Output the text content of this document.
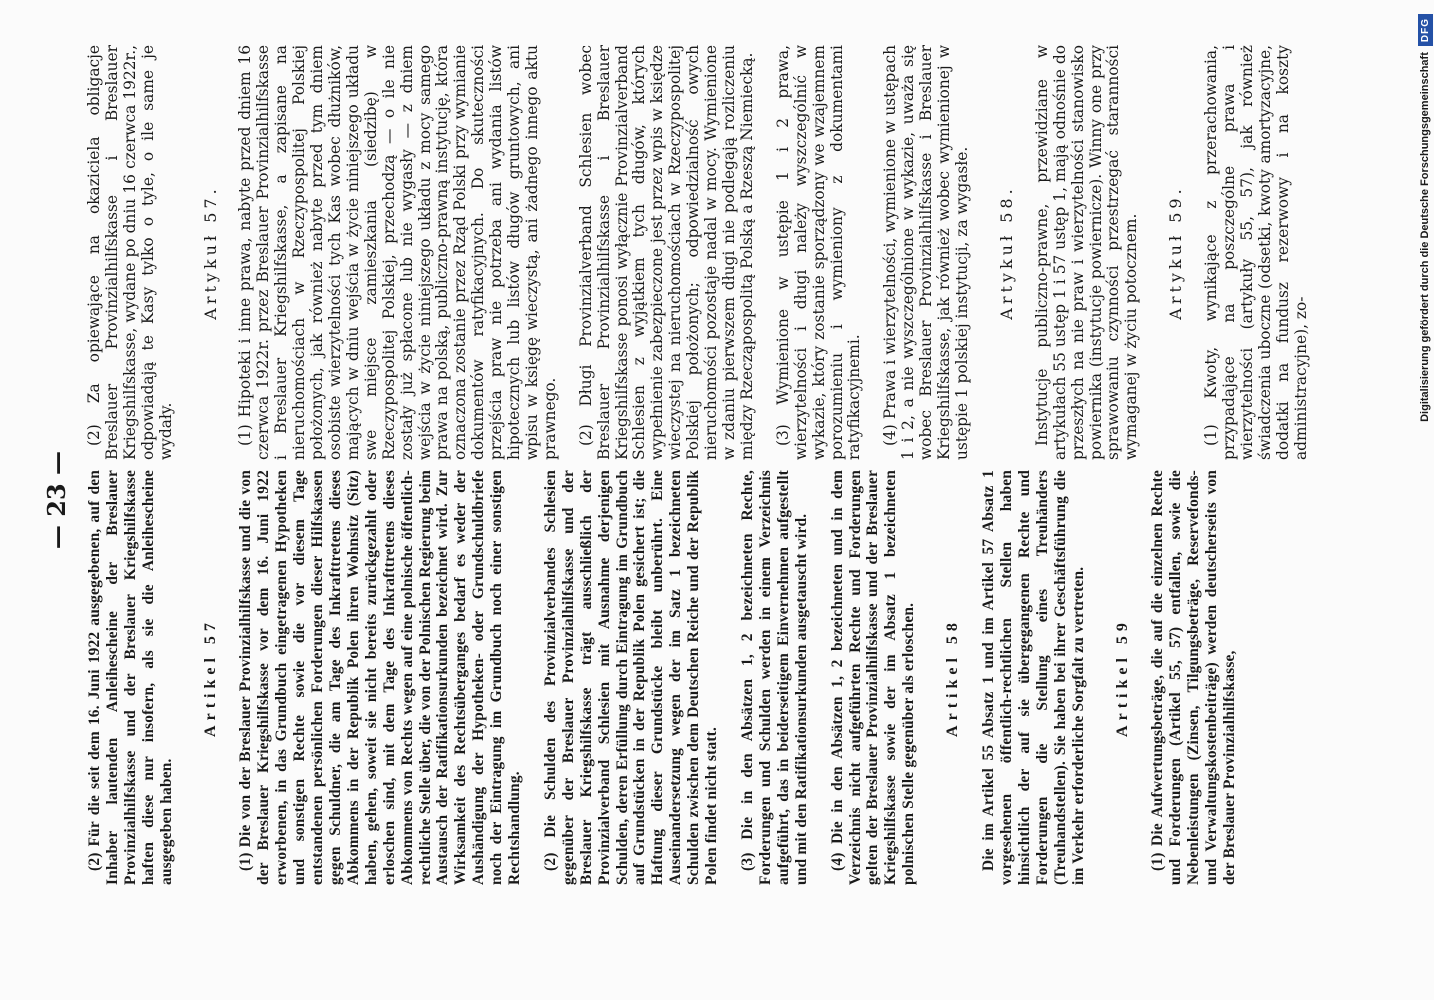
— 23 — (2) Für die seit dem 16. Juni 1922 ausgegebenen, auf den Inhaber lautenden Anleihescheine der Breslauer Provinzialhilfskasse und der Breslauer Kriegshilfskasse haften diese nur insofern, als sie die Anleihescheine ausgegeben haben.

Artikel 57 (1) Die von der Breslauer Provinzialhilfskasse und die von der Breslauer Kriegshilfskasse vor dem 16. Juni 1922 erworbenen, in das Grundbuch eingetragenen Hypotheken und sonstigen Rechte sowie die vor diesem Tage entstandenen persönlichen Forderungen dieser Hilfskassen gegen Schuldner, die am Tage des Inkrafttretens dieses Abkommens in der Republik Polen ihren Wohnsitz (Sitz) haben, gehen, soweit sie nicht bereits zurückgezahlt oder erloschen sind, mit dem Tage des Inkrafttretens dieses Abkommens von Rechts wegen auf eine polnische öffentlich-rechtliche Stelle über, die von der Polnischen Regierung beim Austausch der Ratifikationsurkunden bezeichnet wird. Zur Wirksamkeit des Rechtsüberganges bedarf es weder der Aushändigung der Hypotheken- oder Grundschuldbriefe noch der Eintragung im Grundbuch noch einer sonstigen Rechtshandlung. (2) Die Schulden des Provinzialverbandes Schlesien gegenüber der Breslauer Provinzialhilfskasse und der Breslauer Kriegshilfskasse trägt ausschließlich der Provinzialverband Schlesien mit Ausnahme derjenigen Schulden, deren Erfüllung durch Eintragung im Grundbuch auf Grundstücken in der Republik Polen gesichert ist; die Haftung dieser Grundstücke bleibt unberührt. Eine Auseinandersetzung wegen der im Satz 1 bezeichneten Schulden zwischen dem Deutschen Reiche und der Republik Polen findet nicht statt. (3) Die in den Absätzen 1, 2 bezeichneten Rechte, Forderungen und Schulden werden in einem Verzeichnis aufgeführt, das in beiderseitigem Einvernehmen aufgestellt und mit den Ratifikationsurkunden ausgetauscht wird. (4) Die in den Absätzen 1, 2 bezeichneten und in dem Verzeichnis nicht aufgeführten Rechte und Forderungen gelten der Breslauer Provinzialhilfskasse und der Breslauer Kriegshilfskasse sowie der im Absatz 1 bezeichneten polnischen Stelle gegenüber als erloschen. Artikel 58 Die im Artikel 55 Absatz 1 und im Artikel 57 Absatz 1 vorgesehenen öffentlich-rechtlichen Stellen haben hinsichtlich der auf sie übergegangenen Rechte und Forderungen die Stellung eines Treuhänders (Treuhandstellen). Sie haben bei ihrer Geschäftsführung die im Verkehr erforderliche Sorgfalt zu vertreten. Artikel 59 (1) Die Aufwertungsbeträge, die auf die einzelnen Rechte und Forderungen (Artikel 55, 57) entfallen, sowie die Nebenleistungen (Zinsen, Tilgungsbeträge, Reservefonds- und Verwaltungskostenbeiträge) werden deutscherseits von der Breslauer Provinzialhilfskasse,

(2) Za opiewające na okaziciela obligacje Breslauer Provinzialhilfskasse i Breslauer Kriegshilfskasse, wydane po dniu 16 czerwca 1922r., odpowiadają te Kasy tylko o tyle, o ile same je wydały.

Artykuł 57. (1) Hipoteki i inne prawa, nabyte przed dniem 16 czerwca 1922r. przez Breslauer Provinzialhilfskasse i Breslauer Kriegshilfskasse, a zapisane na nieruchomościach w Rzeczypospolitej Polskiej położonych, jak również nabyte przed tym dniem osobiste wierzytelności tych Kas wobec dłużników, mających w dniu wejścia w życie niniejszego układu swe miejsce zamieszkania (siedzibę) w Rzeczypospolitej Polskiej, przechodzą — o ile nie zostały już spłacone lub nie wygasły — z dniem wejścia w życie niniejszego układu z mocy samego prawa na polską, publiczno-prawną instytucję, która oznaczona zostanie przez Rząd Polski przy wymianie dokumentów ratyfikacyjnych. Do skuteczności przejścia praw nie potrzeba ani wydania listów hipotecznych lub listów długów gruntowych, ani wpisu w księgę wieczystą, ani żadnego innego aktu prawnego. (2) Długi Provinzialverband Schlesien wobec Breslauer Provinzialhilfskasse i Breslauer Kriegshilfskasse ponosi wyłącznie Provinzialverband Schlesien z wyjątkiem tych długów, których wypełnienie zabezpieczone jest przez wpis w księdze wieczystej na nieruchomościach w Rzeczypospolitej Polskiej położonych; odpowiedzialność owych nieruchomości pozostaje nadal w mocy. Wymienione w zdaniu pierwszem długi nie podlegają rozliczeniu między Rzecząpospolitą Polską a Rzeszą Niemiecką. (3) Wymienione w ustępie 1 i 2 prawa, wierzytelności i długi należy wyszczególnić w wykazie, który zostanie sporządzony we wzajemnem porozumieniu i wymieniony z dokumentami ratyfikacyjnemi. (4) Prawa i wierzytelności, wymienione w ustępach 1 i 2, a nie wyszczególnione w wykazie, uważa się wobec Breslauer Provinzialhilfskasse i Breslauer Kriegshilfskasse, jak również wobec wymienionej w ustępie 1 polskiej instytucji, za wygasłe. Artykuł 58. Instytucje publiczno-prawne, przewidziane w artykułach 55 ustęp 1 i 57 ustęp 1, mają odnośnie do przeszłych na nie praw i wierzytelności stanowisko powiernika (instytucje powiernicze). Winny one przy sprawowaniu czynności przestrzegać staranności wymaganej w życiu potocznem. Artykuł 59. (1) Kwoty, wynikające z przerachowania, przypadające na poszczególne prawa i wierzytelności (artykuły 55, 57), jak również świadczenia uboczne (odsetki, kwoty amortyzacyjne, dodatki na fundusz rezerwowy i na koszty administracyjne), zo-	Digitalisierung gefördert durch die Deutsche Forschungsgemeinschaft
DFG
